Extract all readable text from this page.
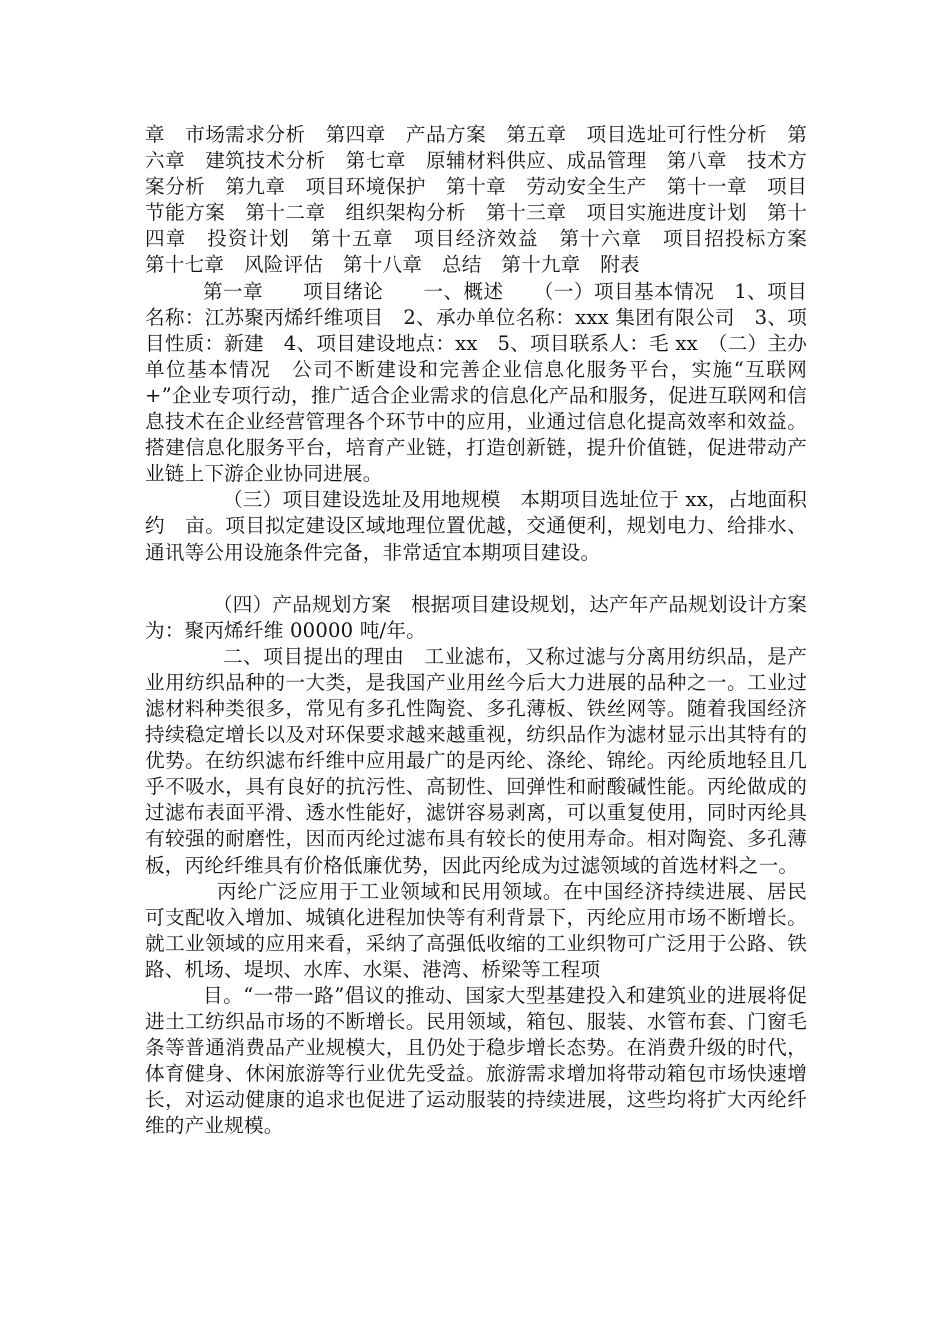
章　市场需求分析　第四章　产品方案　第五章　项目选址可行性分析　第六章　建筑技术分析　第七章　原辅材料供应、成品管理　第八章　技术方案分析　第九章　项目环境保护　第十章　劳动安全生产　第十一章　项目节能方案　第十二章　组织架构分析　第十三章　项目实施进度计划　第十四章　投资计划　第十五章　项目经济效益　第十六章　项目招投标方案　第十七章　风险评估　第十八章　总结　第十九章　附表

第一章　　项目绪论　　一、概述　　（一）项目基本情况　1、项目名称：江苏聚丙烯纤维项目　2、承办单位名称：xxx 集团有限公司　3、项目性质：新建　4、项目建设地点：xx　5、项目联系人：毛 xx　（二）主办单位基本情况　公司不断建设和完善企业信息化服务平台，实施“互联网+”企业专项行动，推广适合企业需求的信息化产品和服务，促进互联网和信息技术在企业经营管理各个环节中的应用，业通过信息化提高效率和效益。搭建信息化服务平台，培育产业链，打造创新链，提升价值链，促进带动产业链上下游企业协同进展。

（三）项目建设选址及用地规模　本期项目选址位于 xx，占地面积约　亩。项目拟定建设区域地理位置优越，交通便利，规划电力、给排水、通讯等公用设施条件完备，非常适宜本期项目建设。

（四）产品规划方案　根据项目建设规划，达产年产品规划设计方案为：聚丙烯纤维 00000 吨/年。

二、项目提出的理由　工业滤布，又称过滤与分离用纺织品，是产业用纺织品种的一大类，是我国产业用丝今后大力进展的品种之一。工业过滤材料种类很多，常见有多孔性陶瓷、多孔薄板、铁丝网等。随着我国经济持续稳定增长以及对环保要求越来越重视，纺织品作为滤材显示出其特有的优势。在纺织滤布纤维中应用最广的是丙纶、涤纶、锦纶。丙纶质地轻且几乎不吸水，具有良好的抗污性、高韧性、回弹性和耐酸碱性能。丙纶做成的过滤布表面平滑、透水性能好，滤饼容易剥离，可以重复使用，同时丙纶具有较强的耐磨性，因而丙纶过滤布具有较长的使用寿命。相对陶瓷、多孔薄板，丙纶纤维具有价格低廉优势，因此丙纶成为过滤领域的首选材料之一。

丙纶广泛应用于工业领域和民用领域。在中国经济持续进展、居民可支配收入增加、城镇化进程加快等有利背景下，丙纶应用市场不断增长。就工业领域的应用来看，采纳了高强低收缩的工业织物可广泛用于公路、铁路、机场、堤坝、水库、水渠、港湾、桥梁等工程项

目。“一带一路”倡议的推动、国家大型基建投入和建筑业的进展将促进土工纺织品市场的不断增长。民用领域，箱包、服装、水管布套、门窗毛条等普通消费品产业规模大，且仍处于稳步增长态势。在消费升级的时代，体育健身、休闲旅游等行业优先受益。旅游需求增加将带动箱包市场快速增长，对运动健康的追求也促进了运动服装的持续进展，这些均将扩大丙纶纤维的产业规模。
